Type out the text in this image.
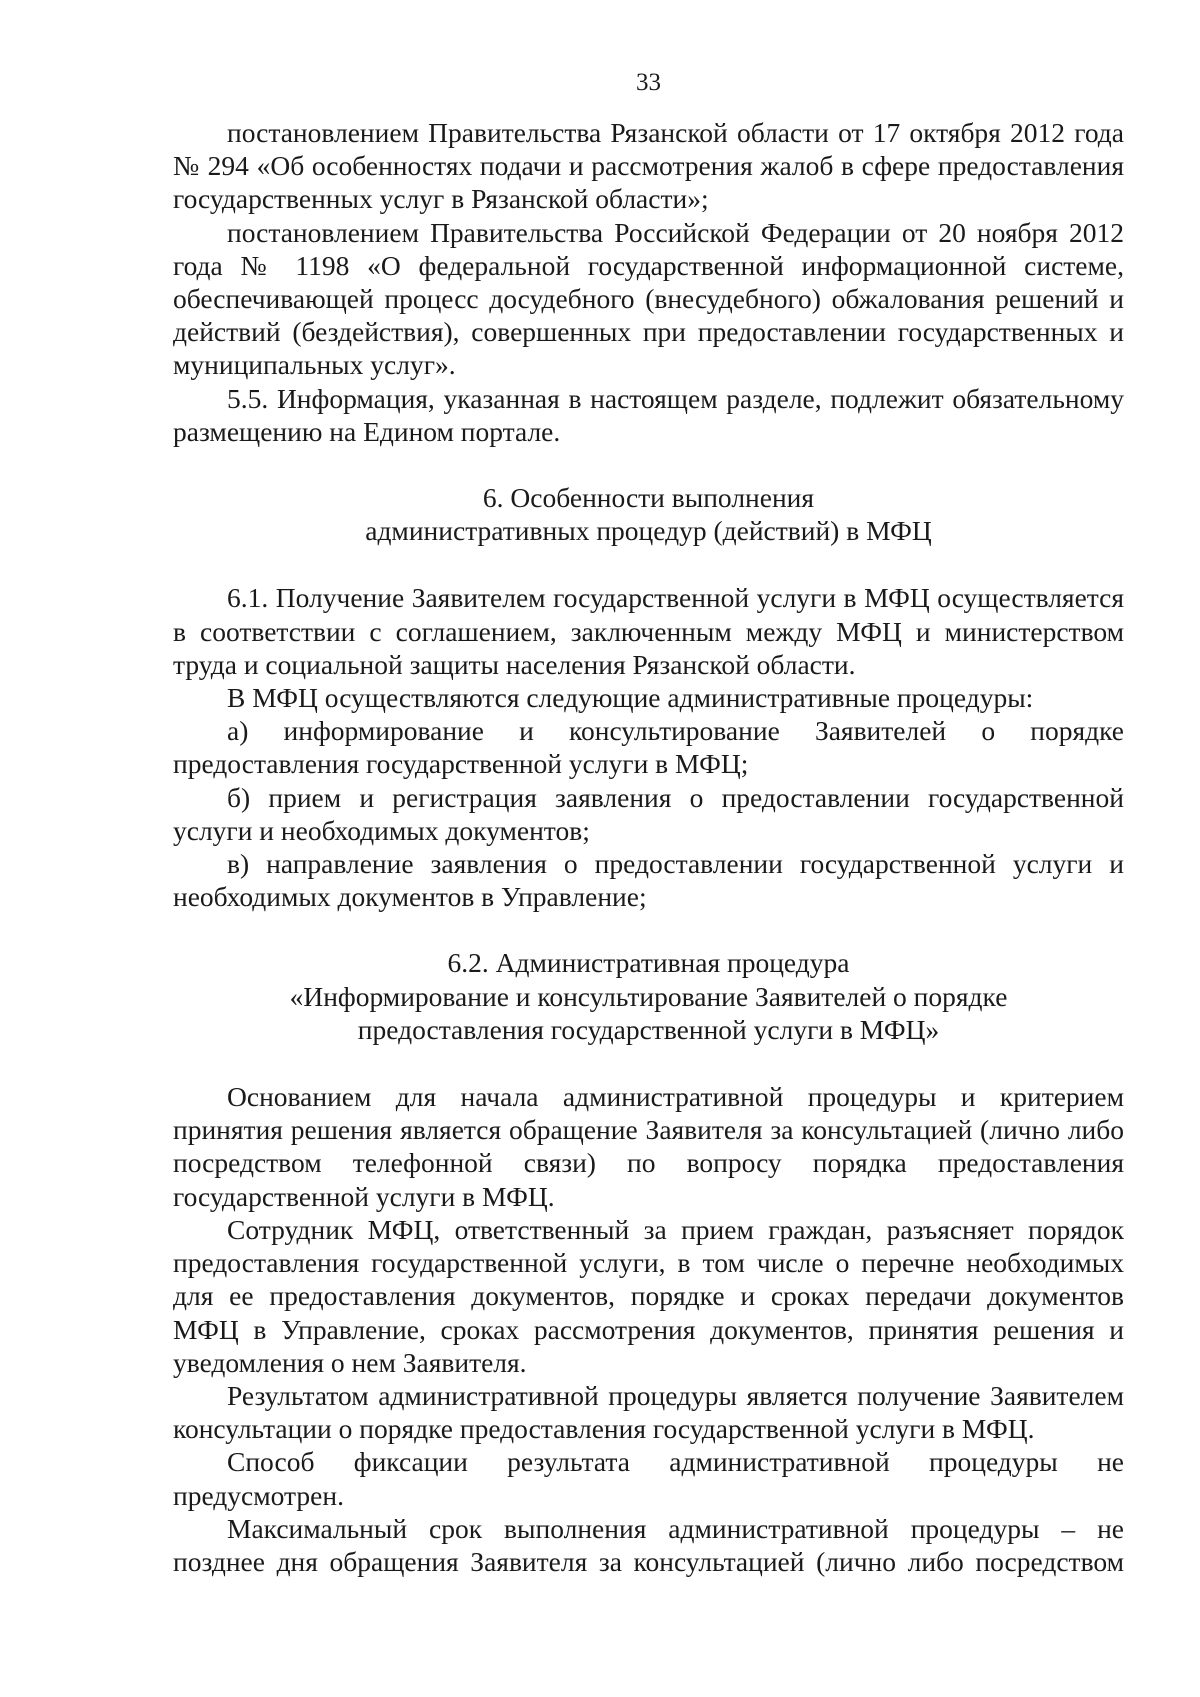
33

постановлением Правительства Рязанской области от 17 октября 2012 года № 294 «Об особенностях подачи и рассмотрения жалоб в сфере предоставления государственных услуг в Рязанской области»;

постановлением Правительства Российской Федерации от 20 ноября 2012 года № 1198 «О федеральной государственной информационной системе, обеспечивающей процесс досудебного (внесудебного) обжалования решений и действий (бездействия), совершенных при предоставлении государственных и муниципальных услуг».

5.5. Информация, указанная в настоящем разделе, подлежит обязательному размещению на Едином портале.

6. Особенности выполнения
административных процедур (действий) в МФЦ

6.1. Получение Заявителем государственной услуги в МФЦ осуществляется в соответствии с соглашением, заключенным между МФЦ и министерством труда и социальной защиты населения Рязанской области.

В МФЦ осуществляются следующие административные процедуры:

а) информирование и консультирование Заявителей о порядке предоставления государственной услуги в МФЦ;

б) прием и регистрация заявления о предоставлении государственной услуги и необходимых документов;

в) направление заявления о предоставлении государственной услуги и необходимых документов в Управление;

6.2. Административная процедура
«Информирование и консультирование Заявителей о порядке
предоставления государственной услуги в МФЦ»

Основанием для начала административной процедуры и критерием принятия решения является обращение Заявителя за консультацией (лично либо посредством телефонной связи) по вопросу порядка предоставления государственной услуги в МФЦ.

Сотрудник МФЦ, ответственный за прием граждан, разъясняет порядок предоставления государственной услуги, в том числе о перечне необходимых для ее предоставления документов, порядке и сроках передачи документов МФЦ в Управление, сроках рассмотрения документов, принятия решения и уведомления о нем Заявителя.

Результатом административной процедуры является получение Заявителем консультации о порядке предоставления государственной услуги в МФЦ.

Способ фиксации результата административной процедуры не предусмотрен.

Максимальный срок выполнения административной процедуры – не позднее дня обращения Заявителя за консультацией (лично либо посредством
